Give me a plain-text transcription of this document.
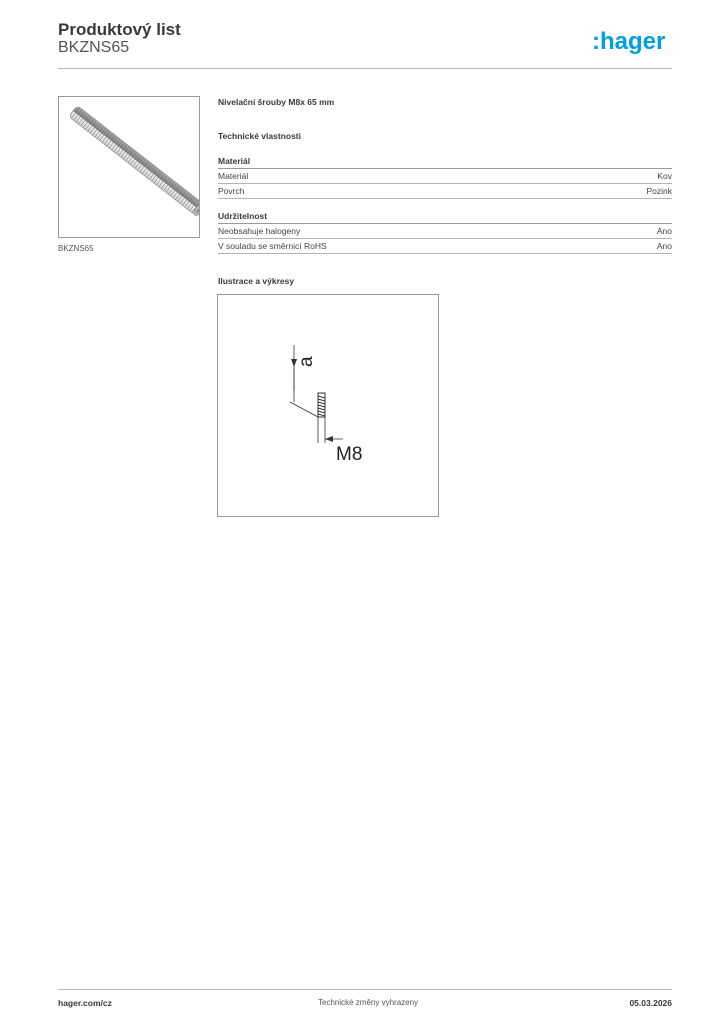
Produktový list
BKZNS65	:hager
BKZNS65
Nivelační šrouby M8x 65 mm
Technické vlastnosti
Materiál
Materiál	Kov
Povrch	Pozink
Udržitelnost
Neobsahuje halogeny	Ano
V souladu se směrnicí RoHS	Ano
Ilustrace a výkresy
a
M8
hager.com/cz	Technické změny vyhrazeny	05.03.2026
